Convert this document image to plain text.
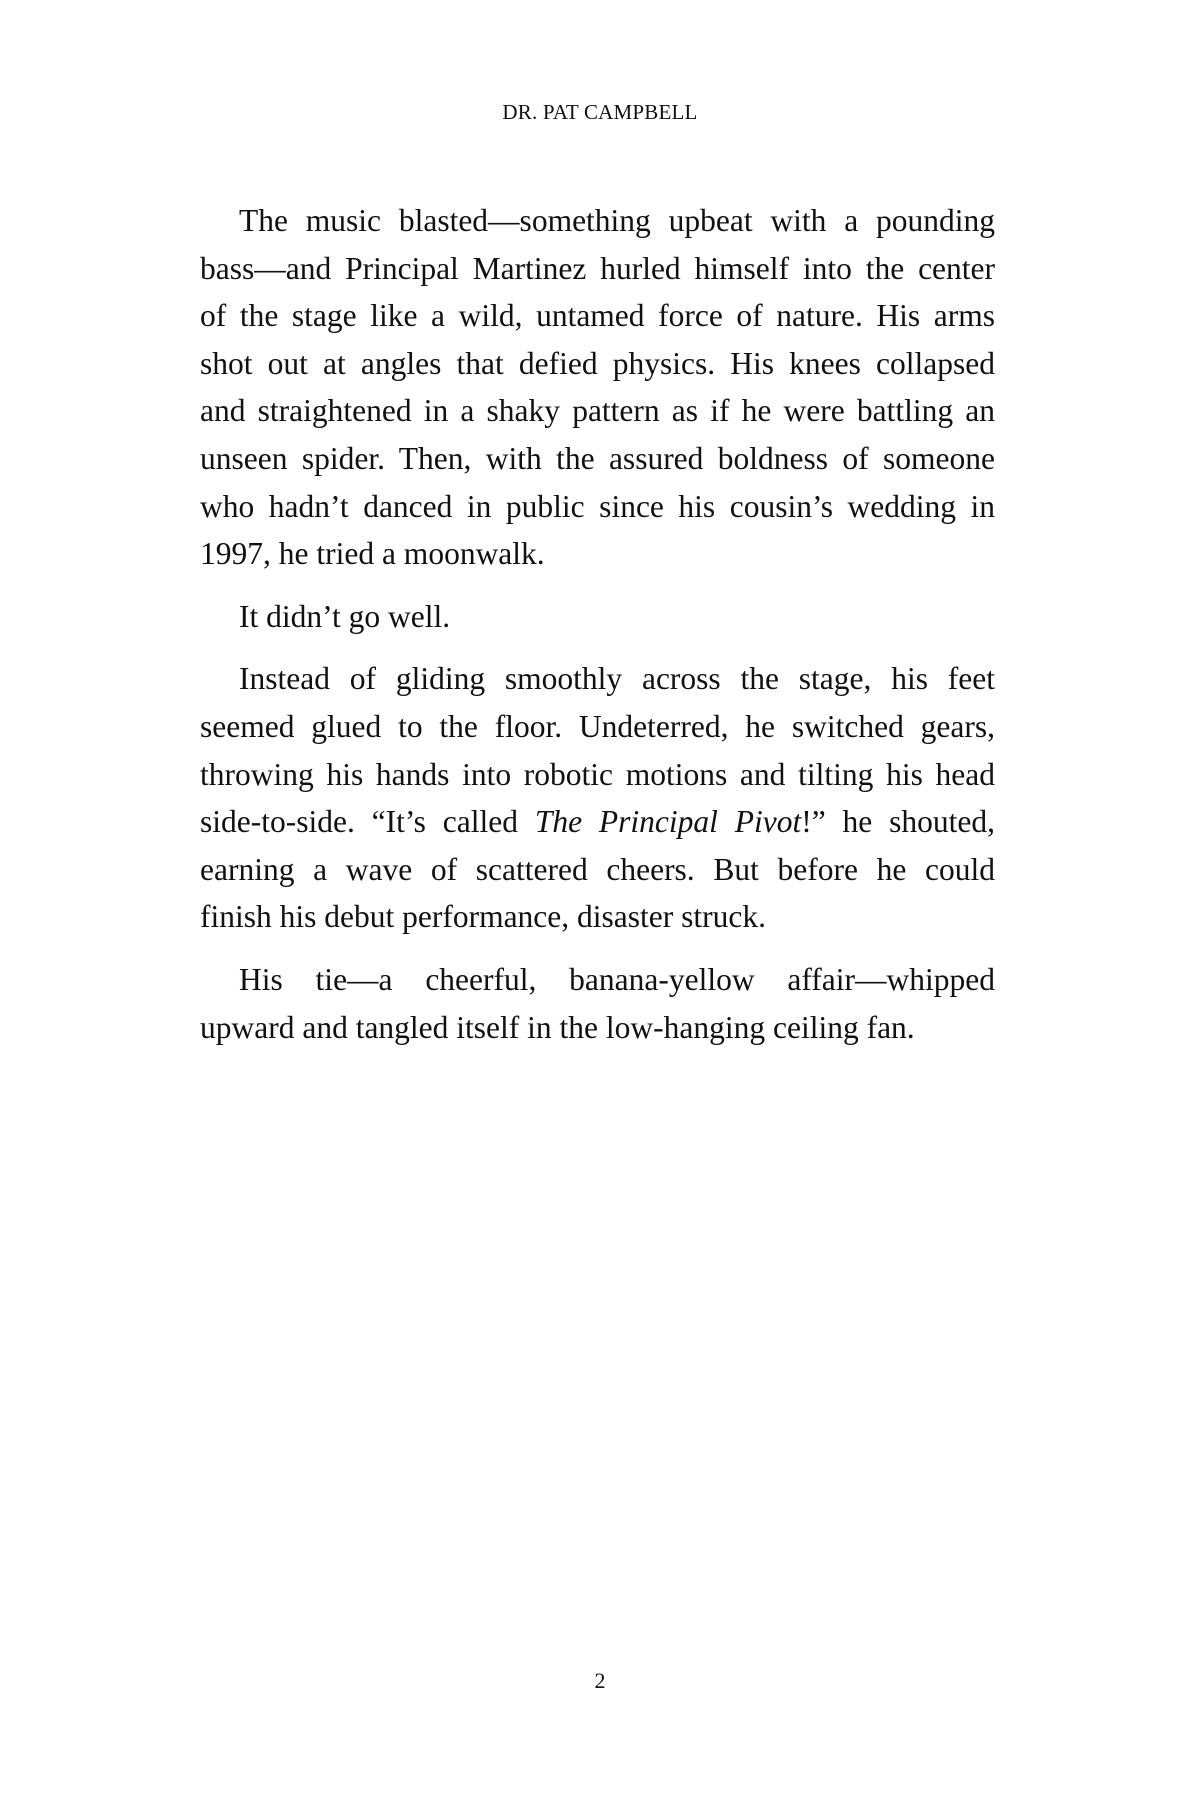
DR. PAT CAMPBELL

The music blasted—something upbeat with a pounding
bass—and Principal Martinez hurled himself into the center
of the stage like a wild, untamed force of nature. His arms
shot out at angles that defied physics. His knees collapsed
and straightened in a shaky pattern as if he were battling an
unseen spider. Then, with the assured boldness of someone
who hadn’t danced in public since his cousin’s wedding in
1997, he tried a moonwalk.

It didn’t go well.

Instead of gliding smoothly across the stage, his feet
seemed glued to the floor. Undeterred, he switched gears,
throwing his hands into robotic motions and tilting his head
side-to-side. “It’s called The Principal Pivot!” he shouted,
earning a wave of scattered cheers. But before he could
finish his debut performance, disaster struck.

His tie—a cheerful, banana-yellow affair—whipped
upward and tangled itself in the low-hanging ceiling fan.

2
